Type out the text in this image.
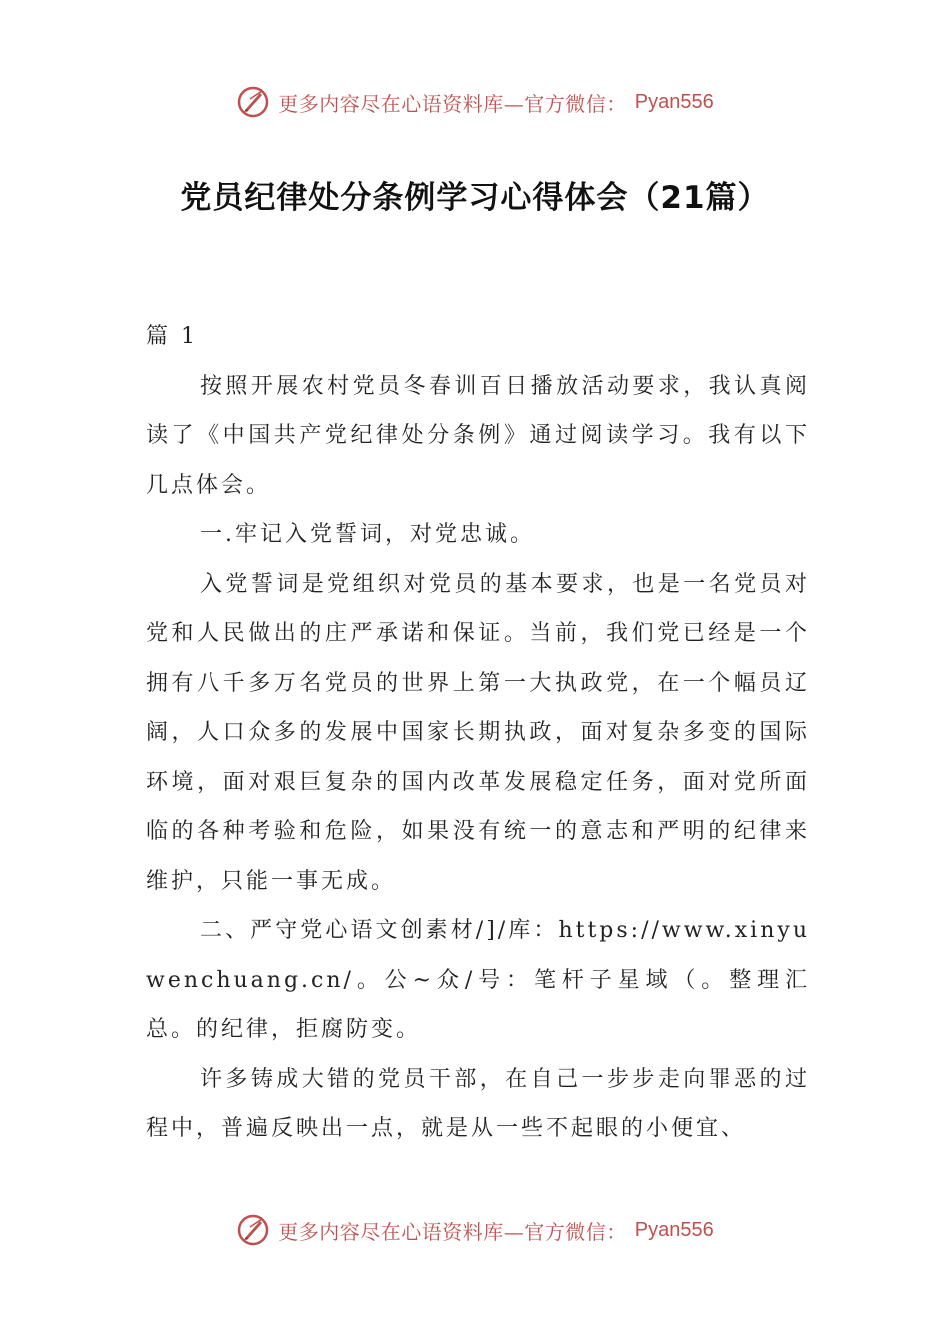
更多内容尽在心语资料库—官方微信： Pyan556
党员纪律处分条例学习心得体会（21篇）

篇 1

按照开展农村党员冬春训百日播放活动要求，我认真阅读了《中国共产党纪律处分条例》通过阅读学习。我有以下几点体会。

一.牢记入党誓词，对党忠诚。

入党誓词是党组织对党员的基本要求，也是一名党员对党和人民做出的庄严承诺和保证。当前，我们党已经是一个拥有八千多万名党员的世界上第一大执政党，在一个幅员辽阔，人口众多的发展中国家长期执政，面对复杂多变的国际环境，面对艰巨复杂的国内改革发展稳定任务，面对党所面临的各种考验和危险，如果没有统一的意志和严明的纪律来维护，只能一事无成。

二、严守党心语文创素材/]/库：https://www.xinyuwenchuang.cn/。公~众/号：笔杆子星域（。整理汇总。的纪律，拒腐防变。

许多铸成大错的党员干部，在自己一步步走向罪恶的过程中，普遍反映出一点，就是从一些不起眼的小便宜、

更多内容尽在心语资料库—官方微信： Pyan556
